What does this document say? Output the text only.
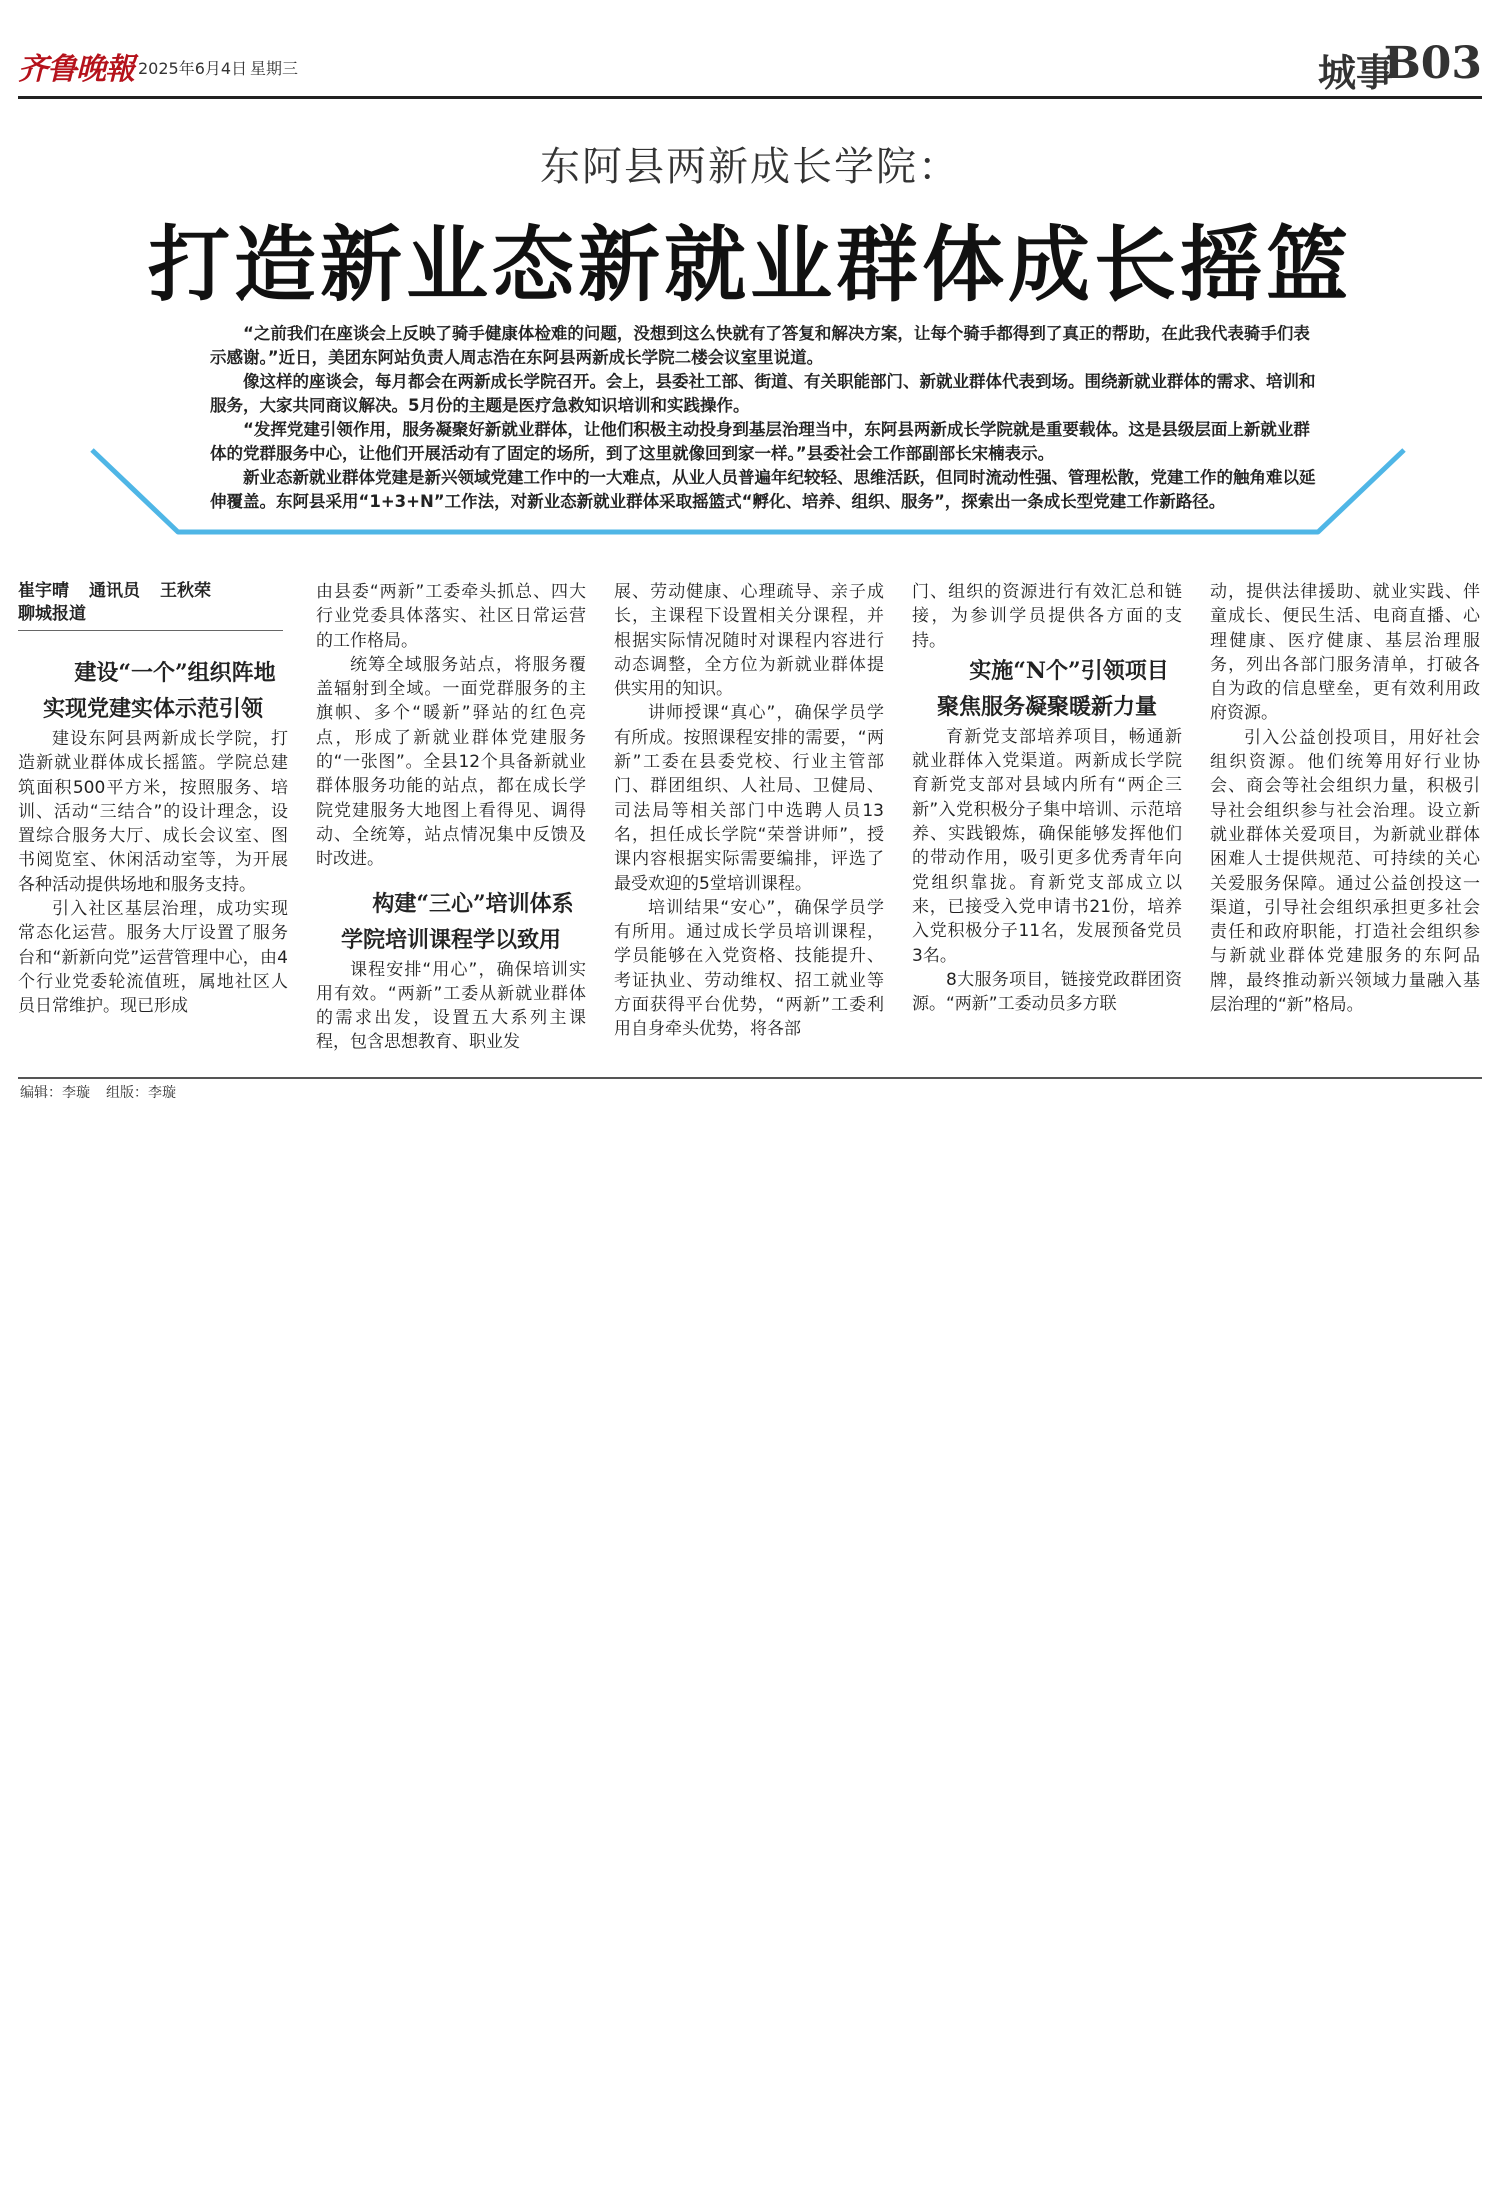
齐鲁晚報 2025年6月4日 星期三	城事
B03
东阿县两新成长学院：
打造新业态新就业群体成长摇篮

“之前我们在座谈会上反映了骑手健康体检难的问题，没想到这么快就有了答复和解决方案，让每个骑手都得到了真正的帮助，在此我代表骑手们表示感谢。”近日，美团东阿站负责人周志浩在东阿县两新成长学院二楼会议室里说道。

像这样的座谈会，每月都会在两新成长学院召开。会上，县委社工部、街道、有关职能部门、新就业群体代表到场。围绕新就业群体的需求、培训和服务，大家共同商议解决。5月份的主题是医疗急救知识培训和实践操作。

“发挥党建引领作用，服务凝聚好新就业群体，让他们积极主动投身到基层治理当中，东阿县两新成长学院就是重要载体。这是县级层面上新就业群体的党群服务中心，让他们开展活动有了固定的场所，到了这里就像回到家一样。”县委社会工作部副部长宋楠表示。

新业态新就业群体党建是新兴领域党建工作中的一大难点，从业人员普遍年纪较轻、思维活跃，但同时流动性强、管理松散，党建工作的触角难以延伸覆盖。东阿县采用“1+3+N”工作法，对新业态新就业群体采取摇篮式“孵化、培养、组织、服务”，探索出一条成长型党建工作新路径。

崔宇晴 通讯员 王秋荣
聊城报道

建设“一个”组织阵地
实现党建实体示范引领

建设东阿县两新成长学院，打造新就业群体成长摇篮。学院总建筑面积500平方米，按照服务、培训、活动“三结合”的设计理念，设置综合服务大厅、成长会议室、图书阅览室、休闲活动室等，为开展各种活动提供场地和服务支持。

引入社区基层治理，成功实现常态化运营。服务大厅设置了服务台和“新新向党”运营管理中心，由4个行业党委轮流值班，属地社区人员日常维护。现已形成

由县委“两新”工委牵头抓总、四大行业党委具体落实、社区日常运营的工作格局。

统筹全域服务站点，将服务覆盖辐射到全域。一面党群服务的主旗帜、多个“暖新”驿站的红色亮点，形成了新就业群体党建服务的“一张图”。全县12个具备新就业群体服务功能的站点，都在成长学院党建服务大地图上看得见、调得动、全统筹，站点情况集中反馈及时改进。

构建“三心”培训体系
学院培训课程学以致用

课程安排“用心”，确保培训实用有效。“两新”工委从新就业群体的需求出发，设置五大系列主课程，包含思想教育、职业发

展、劳动健康、心理疏导、亲子成长，主课程下设置相关分课程，并根据实际情况随时对课程内容进行动态调整，全方位为新就业群体提供实用的知识。

讲师授课“真心”，确保学员学有所成。按照课程安排的需要，“两新”工委在县委党校、行业主管部门、群团组织、人社局、卫健局、司法局等相关部门中选聘人员13名，担任成长学院“荣誉讲师”，授课内容根据实际需要编排，评选了最受欢迎的5堂培训课程。

培训结果“安心”，确保学员学有所用。通过成长学员培训课程，学员能够在入党资格、技能提升、考证执业、劳动维权、招工就业等方面获得平台优势，“两新”工委利用自身牵头优势，将各部

门、组织的资源进行有效汇总和链接，为参训学员提供各方面的支持。

实施“N个”引领项目
聚焦服务凝聚暖新力量

育新党支部培养项目，畅通新就业群体入党渠道。两新成长学院育新党支部对县域内所有“两企三新”入党积极分子集中培训、示范培养、实践锻炼，确保能够发挥他们的带动作用，吸引更多优秀青年向党组织靠拢。育新党支部成立以来，已接受入党申请书21份，培养入党积极分子11名，发展预备党员3名。

8大服务项目，链接党政群团资源。“两新”工委动员多方联

动，提供法律援助、就业实践、伴童成长、便民生活、电商直播、心理健康、医疗健康、基层治理服务，列出各部门服务清单，打破各自为政的信息壁垒，更有效利用政府资源。

引入公益创投项目，用好社会组织资源。他们统筹用好行业协会、商会等社会组织力量，积极引导社会组织参与社会治理。设立新就业群体关爱项目，为新就业群体困难人士提供规范、可持续的关心关爱服务保障。通过公益创投这一渠道，引导社会组织承担更多社会责任和政府职能，打造社会组织参与新就业群体党建服务的东阿品牌，最终推动新兴领域力量融入基层治理的“新”格局。

编辑：李璇 组版：李璇
